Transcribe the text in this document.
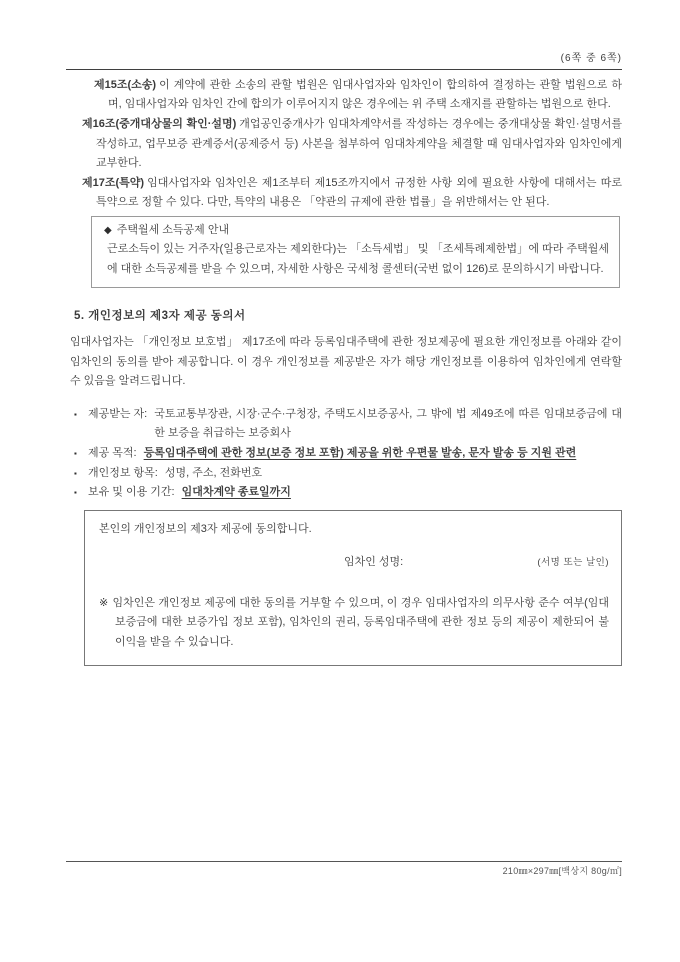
(6쪽 중 6쪽)

제15조(소송) 이 계약에 관한 소송의 관할 법원은 임대사업자와 임차인이 합의하여 결정하는 관할 법원으로 하며, 임대사업자와 임차인 간에 합의가 이루어지지 않은 경우에는 위 주택 소재지를 관할하는 법원으로 한다.

제16조(중개대상물의 확인·설명) 개업공인중개사가 임대차계약서를 작성하는 경우에는 중개대상물 확인·설명서를 작성하고, 업무보증 관계증서(공제증서 등) 사본을 첨부하여 임대차계약을 체결할 때 임대사업자와 임차인에게 교부한다.

제17조(특약) 임대사업자와 임차인은 제1조부터 제15조까지에서 규정한 사항 외에 필요한 사항에 대해서는 따로 특약으로 정할 수 있다. 다만, 특약의 내용은 「약관의 규제에 관한 법률」을 위반해서는 안 된다.

◆ 주택월세 소득공제 안내
근로소득이 있는 거주자(일용근로자는 제외한다)는 「소득세법」 및 「조세특례제한법」에 따라 주택월세에 대한 소득공제를 받을 수 있으며, 자세한 사항은 국세청 콜센터(국번 없이 126)로 문의하시기 바랍니다.
5. 개인정보의 제3자 제공 동의서

임대사업자는 「개인정보 보호법」 제17조에 따라 등록임대주택에 관한 정보제공에 필요한 개인정보를 아래와 같이 임차인의 동의를 받아 제공합니다. 이 경우 개인정보를 제공받은 자가 해당 개인정보를 이용하여 임차인에게 연락할 수 있음을 알려드립니다.

▪	제공받는 자: 국토교통부장관, 시장·군수·구청장, 주택도시보증공사, 그 밖에 법 제49조에 따른 임대보증금에 대한 보증을 취급하는 보증회사
▪	제공 목적: 등록임대주택에 관한 정보(보증 정보 포함) 제공을 위한 우편물 발송, 문자 발송 등 지원 관련
▪	개인정보 항목: 성명, 주소, 전화번호
▪	보유 및 이용 기간: 임대차계약 종료일까지

본인의 개인정보의 제3자 제공에 동의합니다.

임차인 성명:	(서명 또는 날인)

※ 임차인은 개인정보 제공에 대한 동의를 거부할 수 있으며, 이 경우 임대사업자의 의무사항 준수 여부(임대보증금에 대한 보증가입 정보 포함), 임차인의 권리, 등록임대주택에 관한 정보 등의 제공이 제한되어 불이익을 받을 수 있습니다.

210㎜×297㎜[백상지 80g/㎡]
